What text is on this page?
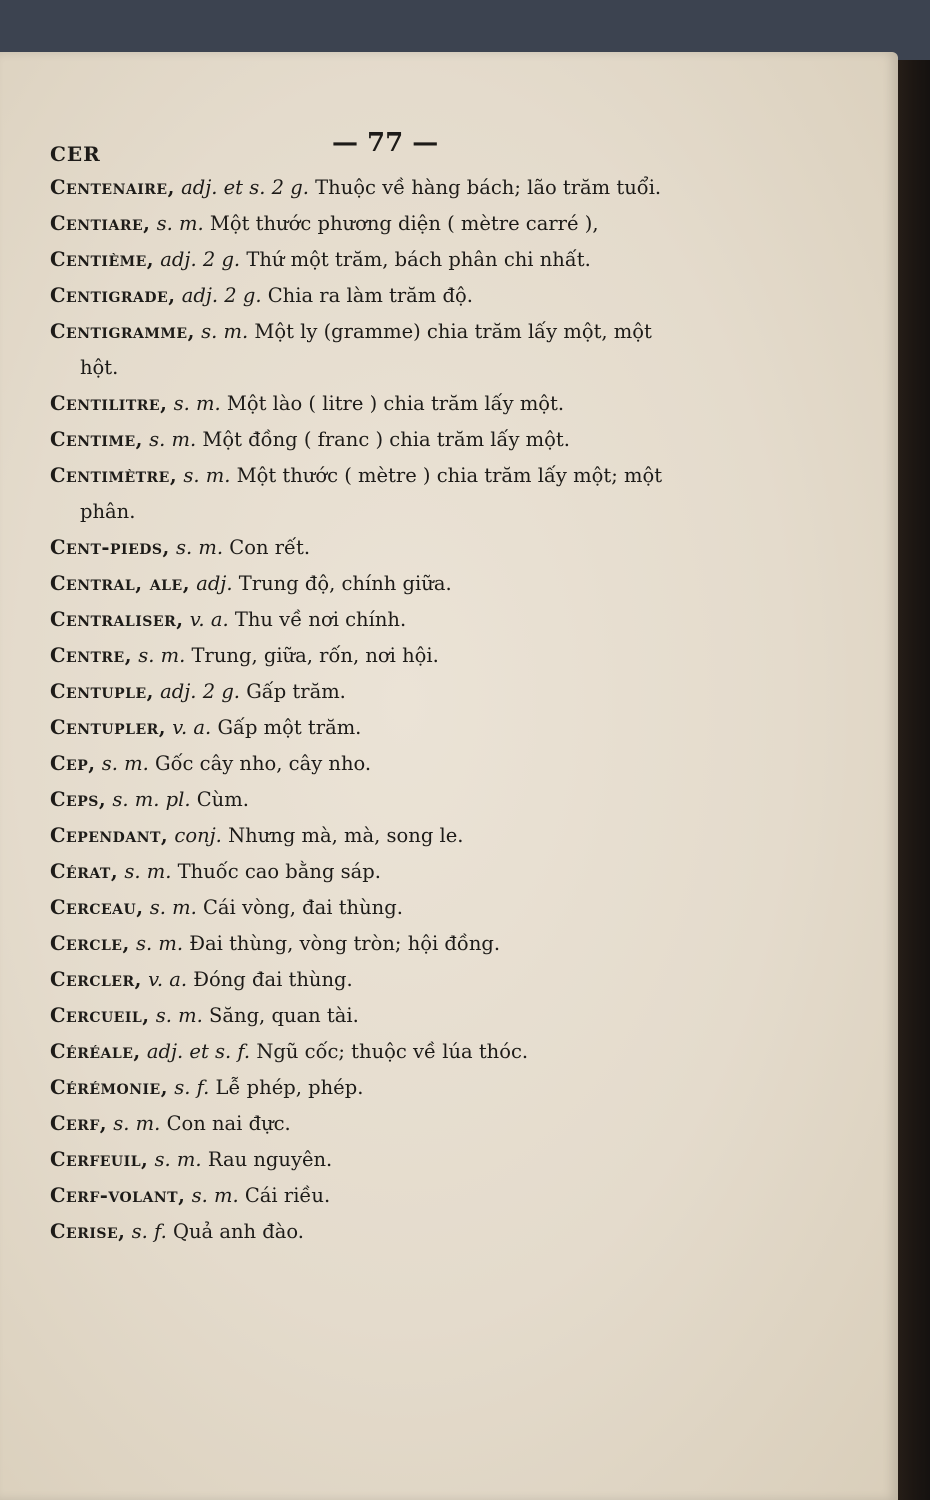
CER	— 77 —
Centenaire, adj. et s. 2 g. Thuộc về hàng bách; lão trăm tuổi.
Centiare, s. m. Một thước phương diện ( mètre carré ),
Centième, adj. 2 g. Thứ một trăm, bách phân chi nhất.
Centigrade, adj. 2 g. Chia ra làm trăm độ.
Centigramme, s. m. Một ly (gramme) chia trăm lấy một, một
hột.
Centilitre, s. m. Một lào ( litre ) chia trăm lấy một.
Centime, s. m. Một đồng ( franc ) chia trăm lấy một.
Centimètre, s. m. Một thước ( mètre ) chia trăm lấy một; một
phân.
Cent-pieds, s. m. Con rết.
Central, ale, adj. Trung độ, chính giữa.
Centraliser, v. a. Thu về nơi chính.
Centre, s. m. Trung, giữa, rốn, nơi hội.
Centuple, adj. 2 g. Gấp trăm.
Centupler, v. a. Gấp một trăm.
Cep, s. m. Gốc cây nho, cây nho.
Ceps, s. m. pl. Cùm.
Cependant, conj. Nhưng mà, mà, song le.
Cérat, s. m. Thuốc cao bằng sáp.
Cerceau, s. m. Cái vòng, đai thùng.
Cercle, s. m. Đai thùng, vòng tròn; hội đồng.
Cercler, v. a. Đóng đai thùng.
Cercueil, s. m. Săng, quan tài.
Céréale, adj. et s. f. Ngũ cốc; thuộc về lúa thóc.
Cérémonie, s. f. Lễ phép, phép.
Cerf, s. m. Con nai đực.
Cerfeuil, s. m. Rau nguyên.
Cerf-volant, s. m. Cái riều.
Cerise, s. f. Quả anh đào.
